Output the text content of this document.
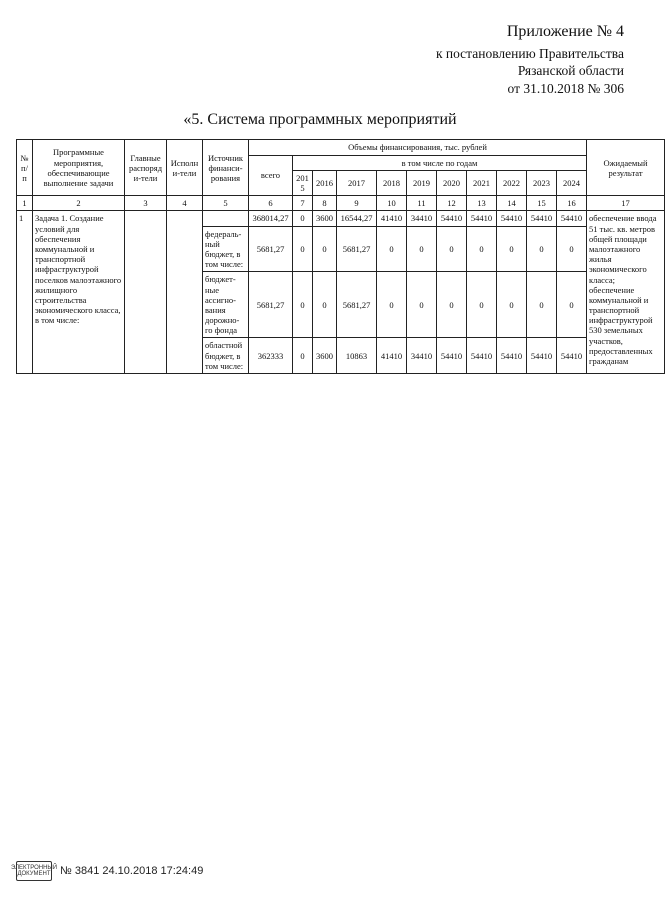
Приложение № 4
к постановлению Правительства
Рязанской области
от 31.10.2018 № 306
«5. Система программных мероприятий
№ п/п	Программные мероприятия, обеспечивающие выполнение задачи	Главные распоряди-тели	Исполни-тели	Источник финанси-рования	Объемы финансирования, тыс. рублей											Ожидаемый результат
					всего	в том числе по годам										
						2015	2016	2017	2018	2019	2020	2021	2022	2023	2024	
1	2	3	4	5	6	7	8	9	10	11	12	13	14	15	16	17
1	Задача 1. Создание условий для обеспечения коммунальной и транспортной инфраструктурой поселков малоэтажного жилищного строительства экономического класса, в том числе:				368014,27	0	3600	16544,27	41410	34410	54410	54410	54410	54410	54410	обеспечение ввода 51 тыс. кв. метров общей площади малоэтажного жилья экономического класса; обеспечение коммунальной и транспортной инфраструктурой 530 земельных участков, предоставленных гражданам
				федераль-ный бюджет, в том числе:	5681,27	0	0	5681,27	0	0	0	0	0	0	0	
				бюджет-ные ассигно-вания дорожно-го фонда	5681,27	0	0	5681,27	0	0	0	0	0	0	0	
				областной бюджет, в том числе:	362333	0	3600	10863	41410	34410	54410	54410	54410	54410	54410	
ЭЛЕКТРОННЫЙ ДОКУМЕНТ № 3841 24.10.2018 17:24:49
